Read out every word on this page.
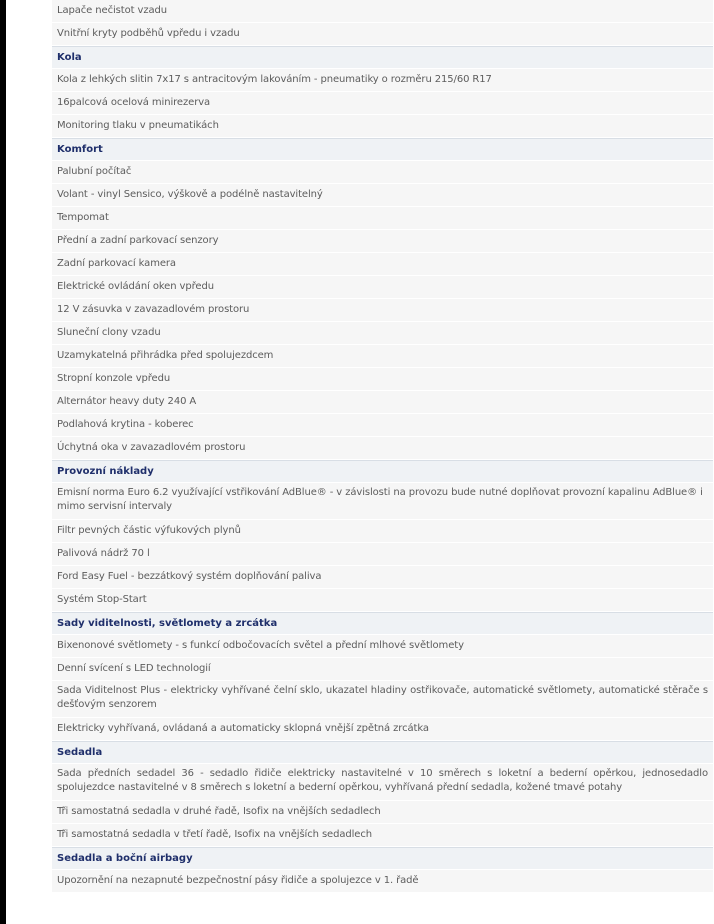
Lapače nečistot vzadu
Vnitřní kryty podběhů vpředu i vzadu
Kola
Kola z lehkých slitin 7x17 s antracitovým lakováním - pneumatiky o rozměru 215/60 R17
16palcová ocelová minirezerva
Monitoring tlaku v pneumatikách
Komfort
Palubní počítač
Volant - vinyl Sensico, výškově a podélně nastavitelný
Tempomat
Přední a zadní parkovací senzory
Zadní parkovací kamera
Elektrické ovládání oken vpředu
12 V zásuvka v zavazadlovém prostoru
Sluneční clony vzadu
Uzamykatelná přihrádka před spolujezdcem
Stropní konzole vpředu
Alternátor heavy duty 240 A
Podlahová krytina - koberec
Úchytná oka v zavazadlovém prostoru
Provozní náklady
Emisní norma Euro 6.2 využívající vstřikování AdBlue® - v závislosti na provozu bude nutné doplňovat provozní kapalinu AdBlue® i mimo servisní intervaly
Filtr pevných částic výfukových plynů
Palivová nádrž 70 l
Ford Easy Fuel - bezzátkový systém doplňování paliva
Systém Stop-Start
Sady viditelnosti, světlomety a zrcátka
Bixenonové světlomety - s funkcí odbočovacích světel a přední mlhové světlomety
Denní svícení s LED technologií
Sada Viditelnost Plus - elektricky vyhřívané čelní sklo, ukazatel hladiny ostřikovače, automatické světlomety, automatické stěrače s dešťovým senzorem
Elektricky vyhřívaná, ovládaná a automaticky sklopná vnější zpětná zrcátka
Sedadla
Sada předních sedadel 36 - sedadlo řidiče elektricky nastavitelné v 10 směrech s loketní a bederní opěrkou, jednosedadlo spolujezdce nastavitelné v 8 směrech s loketní a bederní opěrkou, vyhřívaná přední sedadla, kožené tmavé potahy
Tři samostatná sedadla v druhé řadě, Isofix na vnějších sedadlech
Tři samostatná sedadla v třetí řadě, Isofix na vnějších sedadlech
Sedadla a boční airbagy
Upozornění na nezapnuté bezpečnostní pásy řidiče a spolujezce v 1. řadě
